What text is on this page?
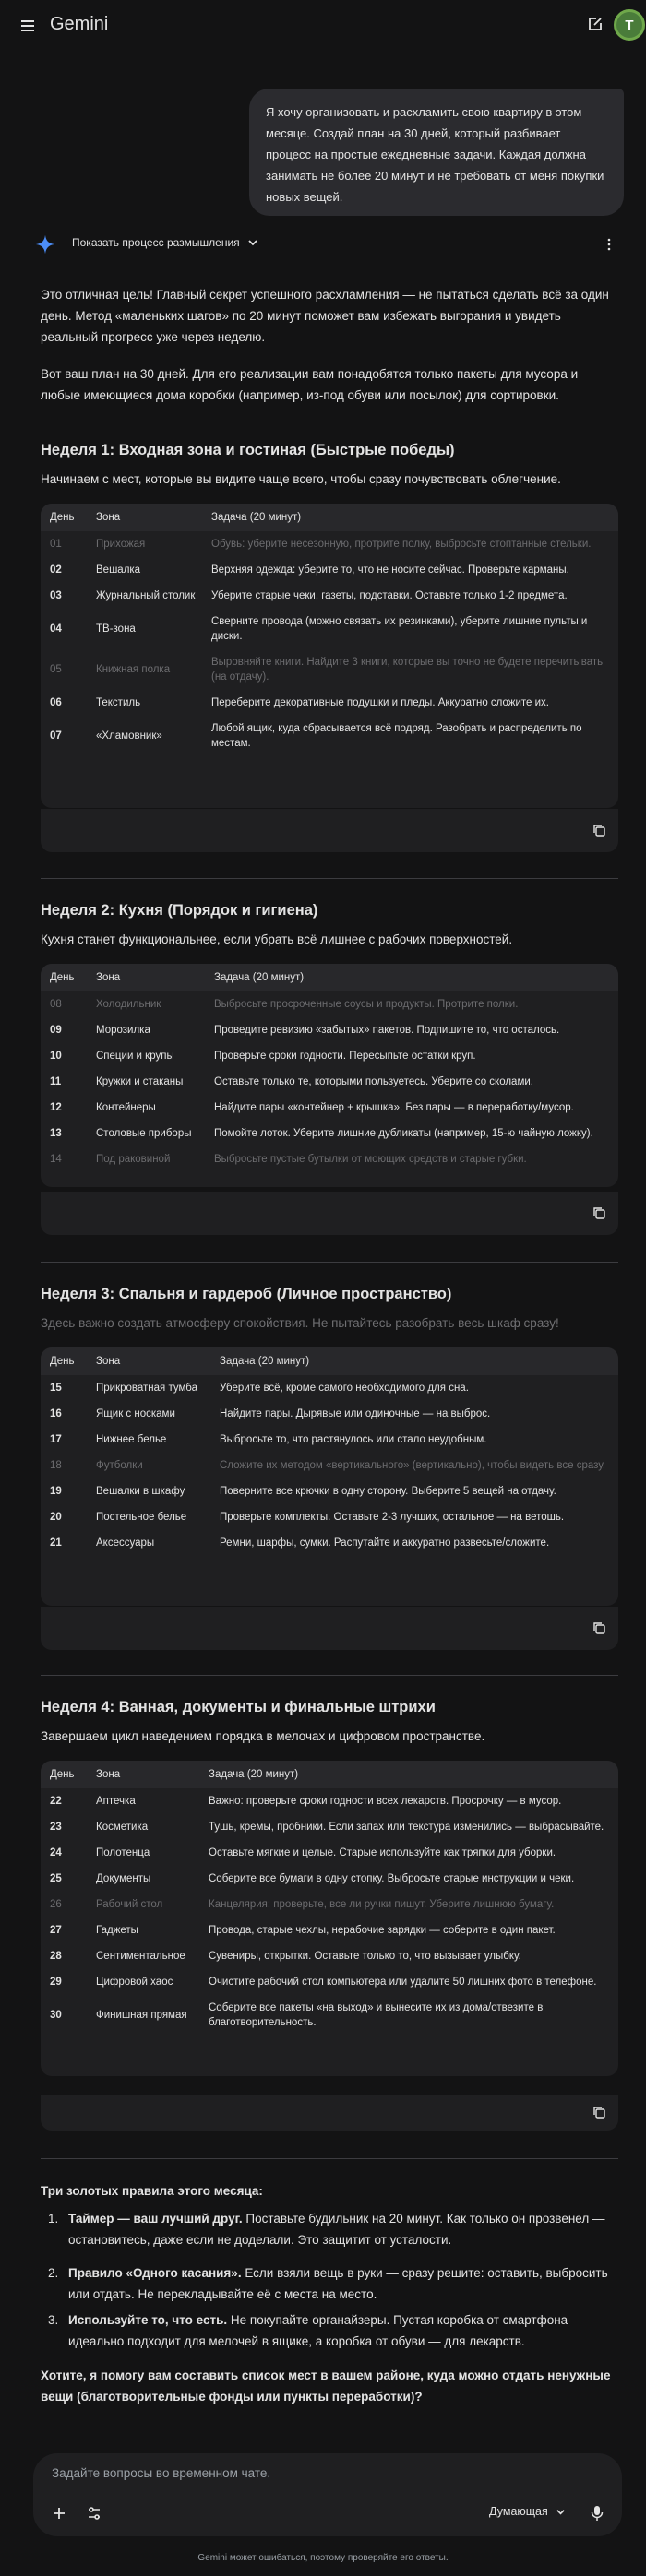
Gemini	T
Я хочу организовать и расхламить свою квартиру в этом месяце. Создай план на 30 дней, который разбивает процесс на простые ежедневные задачи. Каждая должна занимать не более 20 минут и не требовать от меня покупки новых вещей.
Показать процесс размышления
Это отличная цель! Главный секрет успешного расхламления — не пытаться сделать всё за один день. Метод «маленьких шагов» по 20 минут поможет вам избежать выгорания и увидеть реальный прогресс уже через неделю.
Вот ваш план на 30 дней. Для его реализации вам понадобятся только пакеты для мусора и любые имеющиеся дома коробки (например, из-под обуви или посылок) для сортировки.
Неделя 1: Входная зона и гостиная (Быстрые победы)
Начинаем с мест, которые вы видите чаще всего, чтобы сразу почувствовать облегчение.
День	Зона	Задача (20 минут)
01	Прихожая	Обувь: уберите несезонную, протрите полку, выбросьте стоптанные стельки.
02	Вешалка	Верхняя одежда: уберите то, что не носите сейчас. Проверьте карманы.
03	Журнальный столик	Уберите старые чеки, газеты, подставки. Оставьте только 1-2 предмета.
04	ТВ-зона	Сверните провода (можно связать их резинками), уберите лишние пульты и диски.
05	Книжная полка	Выровняйте книги. Найдите 3 книги, которые вы точно не будете перечитывать (на отдачу).
06	Текстиль	Переберите декоративные подушки и пледы. Аккуратно сложите их.
07	«Хламовник»	Любой ящик, куда сбрасывается всё подряд. Разобрать и распределить по местам.
Неделя 2: Кухня (Порядок и гигиена)
Кухня станет функциональнее, если убрать всё лишнее с рабочих поверхностей.
День	Зона	Задача (20 минут)
08	Холодильник	Выбросьте просроченные соусы и продукты. Протрите полки.
09	Морозилка	Проведите ревизию «забытых» пакетов. Подпишите то, что осталось.
10	Специи и крупы	Проверьте сроки годности. Пересыпьте остатки круп.
11	Кружки и стаканы	Оставьте только те, которыми пользуетесь. Уберите со сколами.
12	Контейнеры	Найдите пары «контейнер + крышка». Без пары — в переработку/мусор.
13	Столовые приборы	Помойте лоток. Уберите лишние дубликаты (например, 15-ю чайную ложку).
14	Под раковиной	Выбросьте пустые бутылки от моющих средств и старые губки.
Неделя 3: Спальня и гардероб (Личное пространство)
Здесь важно создать атмосферу спокойствия. Не пытайтесь разобрать весь шкаф сразу!
День	Зона	Задача (20 минут)
15	Прикроватная тумба	Уберите всё, кроме самого необходимого для сна.
16	Ящик с носками	Найдите пары. Дырявые или одиночные — на выброс.
17	Нижнее белье	Выбросьте то, что растянулось или стало неудобным.
18	Футболки	Сложите их методом «вертикального» (вертикально), чтобы видеть все сразу.
19	Вешалки в шкафу	Поверните все крючки в одну сторону. Выберите 5 вещей на отдачу.
20	Постельное белье	Проверьте комплекты. Оставьте 2-3 лучших, остальное — на ветошь.
21	Аксессуары	Ремни, шарфы, сумки. Распутайте и аккуратно развесьте/сложите.
Неделя 4: Ванная, документы и финальные штрихи
Завершаем цикл наведением порядка в мелочах и цифровом пространстве.
День	Зона	Задача (20 минут)
22	Аптечка	Важно: проверьте сроки годности всех лекарств. Просрочку — в мусор.
23	Косметика	Тушь, кремы, пробники. Если запах или текстура изменились — выбрасывайте.
24	Полотенца	Оставьте мягкие и целые. Старые используйте как тряпки для уборки.
25	Документы	Соберите все бумаги в одну стопку. Выбросьте старые инструкции и чеки.
26	Рабочий стол	Канцелярия: проверьте, все ли ручки пишут. Уберите лишнюю бумагу.
27	Гаджеты	Провода, старые чехлы, нерабочие зарядки — соберите в один пакет.
28	Сентиментальное	Сувениры, открытки. Оставьте только то, что вызывает улыбку.
29	Цифровой хаос	Очистите рабочий стол компьютера или удалите 50 лишних фото в телефоне.
30	Финишная прямая	Соберите все пакеты «на выход» и вынесите их из дома/отвезите в благотворительность.
Три золотых правила этого месяца:
1. Таймер — ваш лучший друг. Поставьте будильник на 20 минут. Как только он прозвенел — остановитесь, даже если не доделали. Это защитит от усталости.
2. Правило «Одного касания». Если взяли вещь в руки — сразу решите: оставить, выбросить или отдать. Не перекладывайте её с места на место.
3. Используйте то, что есть. Не покупайте органайзеры. Пустая коробка от смартфона идеально подходит для мелочей в ящике, а коробка от обуви — для лекарств.
Хотите, я помогу вам составить список мест в вашем районе, куда можно отдать ненужные вещи (благотворительные фонды или пункты переработки)?
Задайте вопросы во временном чате.
Думающая
Gemini может ошибаться, поэтому проверяйте его ответы.
